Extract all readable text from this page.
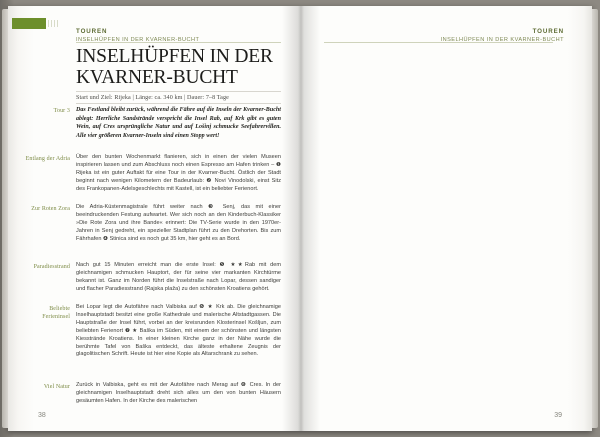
TOUREN
INSELHÜPFEN IN DER KVARNER-BUCHT
INSELHÜPFEN IN DER KVARNER-BUCHT
Start und Ziel: Rijeka | Länge: ca. 340 km | Dauer: 7–8 Tage
Tour 3
Entlang der Adria
Zur Roten Zora
Paradiesstrand
Beliebte Ferieninsel
Viel Natur
Das Festland bleibt zurück, während die Fähre auf die Inseln der Kvarner-Bucht ablegt: Herrliche Sandstrände verspricht die Insel Rab, auf Krk gibt es guten Wein, auf Cres ursprüngliche Natur und auf Lošinj schmucke Seefahrervillen. Alle vier größeren Kvarner-Inseln sind einen Stopp wert!
Über den bunten Wochenmarkt flanieren, sich in einen der vielen Museen inspirieren lassen und zum Abschluss noch einen Espresso am Hafen trinken – ❶ Rijeka ist ein guter Auftakt für eine Tour in der Kvarner-Bucht. Östlich der Stadt beginnt nach wenigen Kilometern der Badeurlaub: ❷ Novi Vinodolski, einst Sitz des Frankopanen-Adelsgeschlechts mit Kastell, ist ein beliebter Ferienort.
Die Adria-Küstenmagistrale führt weiter nach ❸ Senj, das mit einer beeindruckenden Festung aufwartet. Wer sich noch an den Kinderbuch-Klassiker »Die Rote Zora und ihre Bande« erinnert: Die TV-Serie wurde in den 1970er-Jahren in Senj gedreht, ein spezieller Stadtplan führt zu den Drehorten. Bis zum Fährhafen ❹ Stinica sind es noch gut 35 km, hier geht es an Bord.
Nach gut 15 Minuten erreicht man die erste Insel: ❺ ★★Rab mit dem gleichnamigen schmucken Hauptort, der für seine vier markanten Kirchtürme bekannt ist. Ganz im Norden führt die Inselstraße nach Lopar, dessen sandiger und flacher Paradiesstrand (Rajska plaža) zu den schönsten Kroatiens gehört.
Bei Lopar legt die Autofähre nach Valbiska auf ❻ ★ Krk ab. Die gleichnamige Inselhauptstadt besitzt eine große Kathedrale und malerische Altstadtgassen. Die Hauptstraße der Insel führt, vorbei an der kreisrunden Klosterinsel Košljun, zum beliebten Ferienort ❼ ★ Baška im Süden, mit einem der schönsten und längsten Kiesstrände Kroatiens. In einer kleinen Kirche ganz in der Nähe wurde die berühmte Tafel von Baška entdeckt, das älteste erhaltene Zeugnis der glagolitischen Schrift. Heute ist hier eine Kopie als Altarschrank zu sehen.
Zurück in Valbiska, geht es mit der Autofähre nach Merag auf ❽ Cres. In der gleichnamigen Inselhauptstadt dreht sich alles um den von bunten Häusern gesäumten Hafen. In der Kirche des malerischen
38
TOUREN
INSELHÜPFEN IN DER KVARNER-BUCHT
39
